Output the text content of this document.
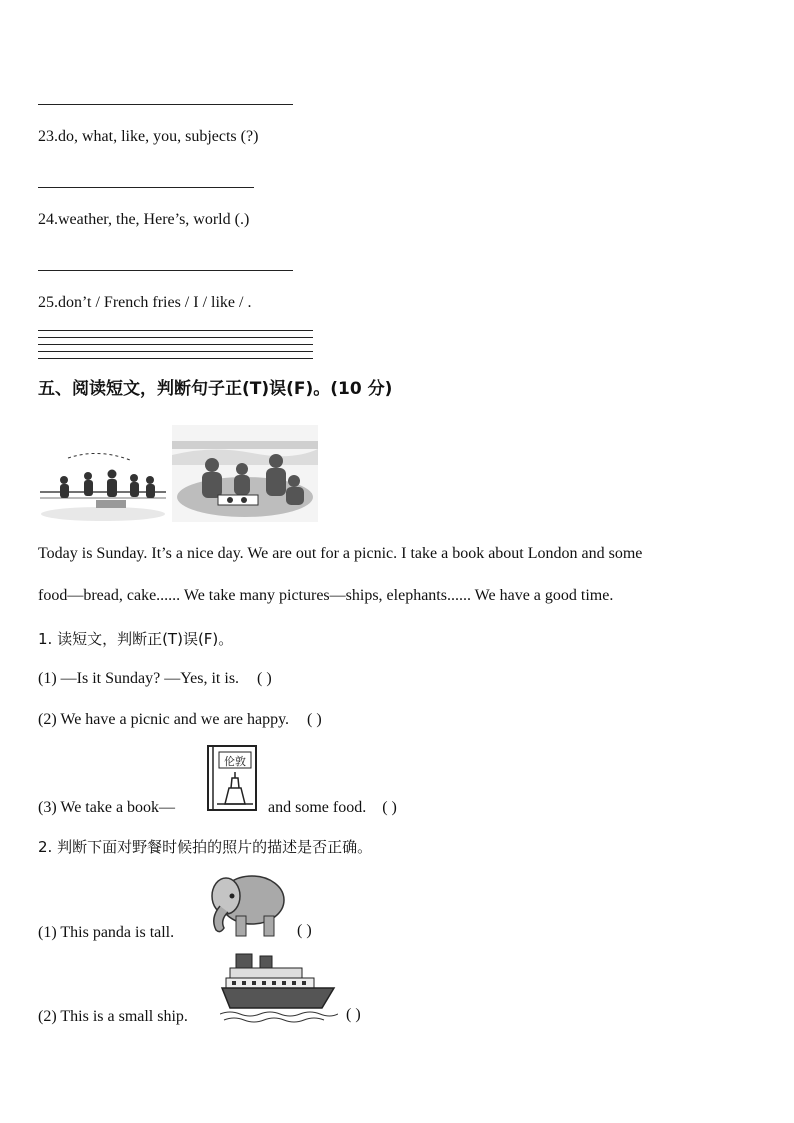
23.do, what, like, you, subjects (?)
24.weather, the, Here’s, world (.)
25.don’t / French fries / I / like / .
五、阅读短文，判断句子正(T)误(F)。(10 分)
Today is Sunday. It’s a nice day. We are out for a picnic. I take a book about London and some
food—bread, cake...... We take many pictures—ships, elephants...... We have a good time.
1. 读短文，判断正(T)误(F)。
(1) —Is it Sunday? —Yes, it is. ( )
(2) We have a picnic and we are happy. ( )
(3) We take a book—
伦敦
and some food. ( )
2. 判断下面对野餐时候拍的照片的描述是否正确。
(1) This panda is tall.	( )
(2) This is a small ship.	( )
